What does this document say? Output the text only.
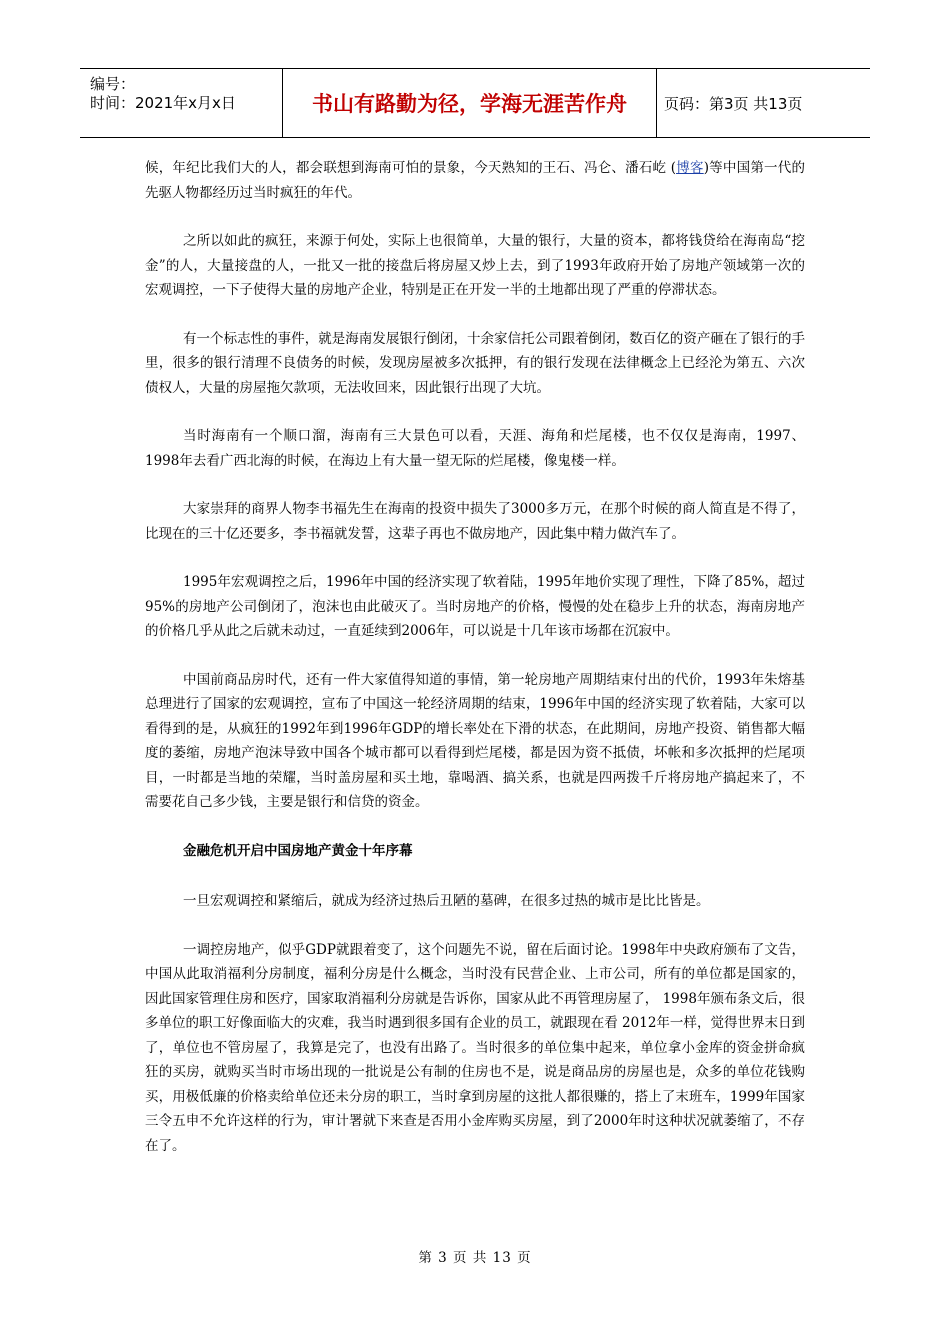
编号：
时间：2021年x月x日	书山有路勤为径，学海无涯苦作舟	页码：第3页 共13页

候，年纪比我们大的人，都会联想到海南可怕的景象，今天熟知的王石、冯仑、潘石屹 (博客)等中国第一代的先驱人物都经历过当时疯狂的年代。

之所以如此的疯狂，来源于何处，实际上也很简单，大量的银行，大量的资本，都将钱贷给在海南岛“挖金”的人，大量接盘的人，一批又一批的接盘后将房屋又炒上去，到了1993年政府开始了房地产领域第一次的宏观调控，一下子使得大量的房地产企业，特别是正在开发一半的土地都出现了严重的停滞状态。

有一个标志性的事件，就是海南发展银行倒闭，十余家信托公司跟着倒闭，数百亿的资产砸在了银行的手里，很多的银行清理不良债务的时候，发现房屋被多次抵押，有的银行发现在法律概念上已经沦为第五、六次债权人，大量的房屋拖欠款项，无法收回来，因此银行出现了大坑。

当时海南有一个顺口溜，海南有三大景色可以看，天涯、海角和烂尾楼，也不仅仅是海南，1997、1998年去看广西北海的时候，在海边上有大量一望无际的烂尾楼，像鬼楼一样。

大家崇拜的商界人物李书福先生在海南的投资中损失了3000多万元，在那个时候的商人简直是不得了，比现在的三十亿还要多，李书福就发誓，这辈子再也不做房地产，因此集中精力做汽车了。

1995年宏观调控之后，1996年中国的经济实现了软着陆，1995年地价实现了理性，下降了85%，超过95%的房地产公司倒闭了，泡沫也由此破灭了。当时房地产的价格，慢慢的处在稳步上升的状态，海南房地产的价格几乎从此之后就未动过，一直延续到2006年，可以说是十几年该市场都在沉寂中。

中国前商品房时代，还有一件大家值得知道的事情，第一轮房地产周期结束付出的代价，1993年朱熔基总理进行了国家的宏观调控，宣布了中国这一轮经济周期的结束，1996年中国的经济实现了软着陆，大家可以看得到的是，从疯狂的1992年到1996年GDP的增长率处在下滑的状态，在此期间，房地产投资、销售都大幅度的萎缩，房地产泡沫导致中国各个城市都可以看得到烂尾楼，都是因为资不抵债，坏帐和多次抵押的烂尾项目，一时都是当地的荣耀，当时盖房屋和买土地，靠喝酒、搞关系，也就是四两拨千斤将房地产搞起来了，不需要花自己多少钱，主要是银行和信贷的资金。

金融危机开启中国房地产黄金十年序幕

一旦宏观调控和紧缩后，就成为经济过热后丑陋的墓碑，在很多过热的城市是比比皆是。

一调控房地产，似乎GDP就跟着变了，这个问题先不说，留在后面讨论。1998年中央政府颁布了文告，中国从此取消福利分房制度，福利分房是什么概念，当时没有民营企业、上市公司，所有的单位都是国家的，因此国家管理住房和医疗，国家取消福利分房就是告诉你，国家从此不再管理房屋了， 1998年颁布条文后，很多单位的职工好像面临大的灾难，我当时遇到很多国有企业的员工，就跟现在看 2012年一样，觉得世界末日到了，单位也不管房屋了，我算是完了，也没有出路了。当时很多的单位集中起来，单位拿小金库的资金拼命疯狂的买房，就购买当时市场出现的一批说是公有制的住房也不是，说是商品房的房屋也是，众多的单位花钱购买，用极低廉的价格卖给单位还未分房的职工，当时拿到房屋的这批人都很赚的，搭上了末班车，1999年国家三令五申不允许这样的行为，审计署就下来查是否用小金库购买房屋，到了2000年时这种状况就萎缩了，不存在了。

第 3 页 共 13 页
